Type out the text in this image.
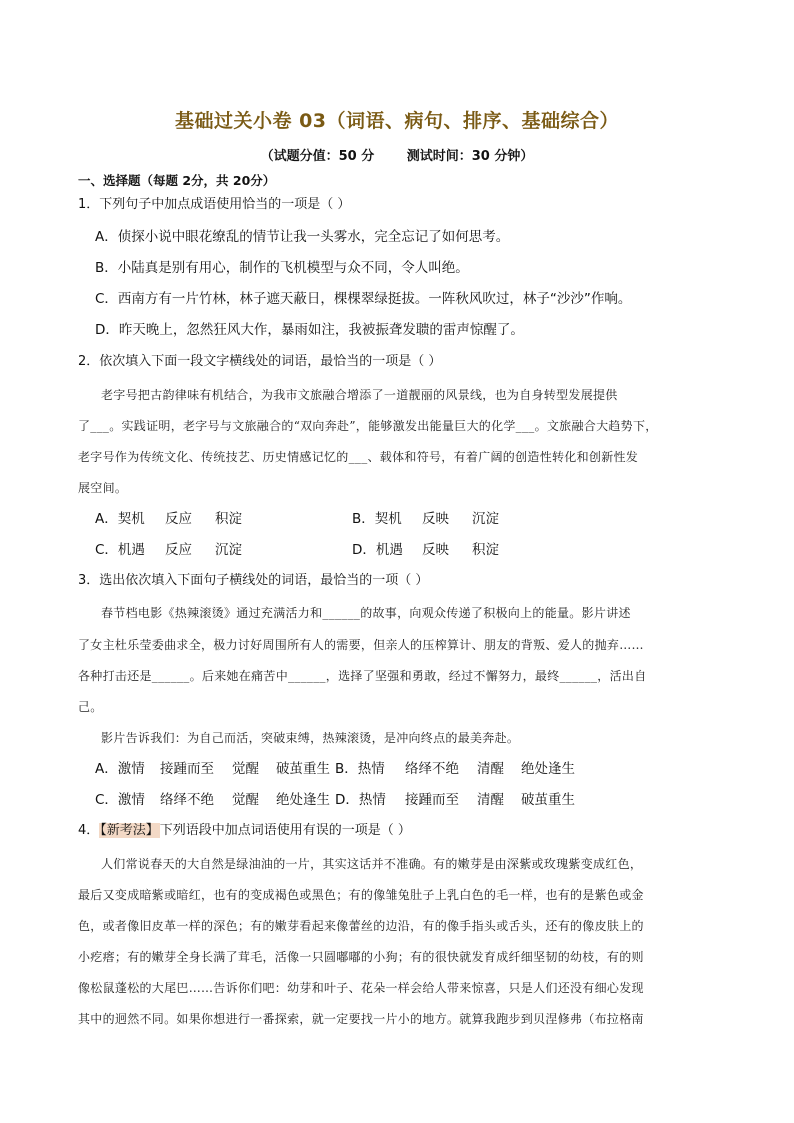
基础过关小卷 03（词语、病句、排序、基础综合）
（试题分值：50 分	测试时间：30 分钟）
一、选择题（每题 2分，共 20分）
1．下列句子中加点成语使用恰当的一项是（ ）
A．侦探小说中眼花缭乱的情节让我一头雾水，完全忘记了如何思考。
B．小陆真是别有用心，制作的飞机模型与众不同，令人叫绝。
C．西南方有一片竹林，林子遮天蔽日，棵棵翠绿挺拔。一阵秋风吹过，林子“沙沙”作响。
D．昨天晚上，忽然狂风大作，暴雨如注，我被振聋发聩的雷声惊醒了。
2．依次填入下面一段文字横线处的词语，最恰当的一项是（ ）
老字号把古韵律味有机结合，为我市文旅融合增添了一道靓丽的风景线，也为自身转型发展提供
了___。实践证明，老字号与文旅融合的“双向奔赴”，能够激发出能量巨大的化学___。文旅融合大趋势下，
老字号作为传统文化、传统技艺、历史情感记忆的___、载体和符号，有着广阔的创造性转化和创新性发
展空间。
A．契机 反应 积淀	B．契机 反映 沉淀
C．机遇 反应 沉淀	D．机遇 反映 积淀
3．选出依次填入下面句子横线处的词语，最恰当的一项（ ）
春节档电影《热辣滚烫》通过充满活力和______的故事，向观众传递了积极向上的能量。影片讲述
了女主杜乐莹委曲求全，极力讨好周围所有人的需要，但亲人的压榨算计、朋友的背叛、爱人的抛弃……
各种打击还是______。后来她在痛苦中______，选择了坚强和勇敢，经过不懈努力，最终______，活出自
己。
影片告诉我们：为自己而活，突破束缚，热辣滚烫，是冲向终点的最美奔赴。
A．激情 接踵而至 觉醒 破茧重生 B．热情 络绎不绝 清醒 绝处逢生
C．激情 络绎不绝 觉醒 绝处逢生 D．热情 接踵而至 清醒 破茧重生
4．【新考法】下列语段中加点词语使用有误的一项是（ ）
人们常说春天的大自然是绿油油的一片，其实这话并不准确。有的嫩芽是由深紫或玫瑰紫变成红色，
最后又变成暗紫或暗红，也有的变成褐色或黑色；有的像雏兔肚子上乳白色的毛一样，也有的是紫色或金
色，或者像旧皮革一样的深色；有的嫩芽看起来像蕾丝的边沿，有的像手指头或舌头，还有的像皮肤上的
小疙瘩；有的嫩芽全身长满了茸毛，活像一只圆嘟嘟的小狗；有的很快就发育成纤细坚韧的幼枝，有的则
像松鼠蓬松的大尾巴……告诉你们吧：幼芽和叶子、花朵一样会给人带来惊喜，只是人们还没有细心发现
其中的迥然不同。如果你想进行一番探索，就一定要找一片小的地方。就算我跑步到贝涅修弗（布拉格南
